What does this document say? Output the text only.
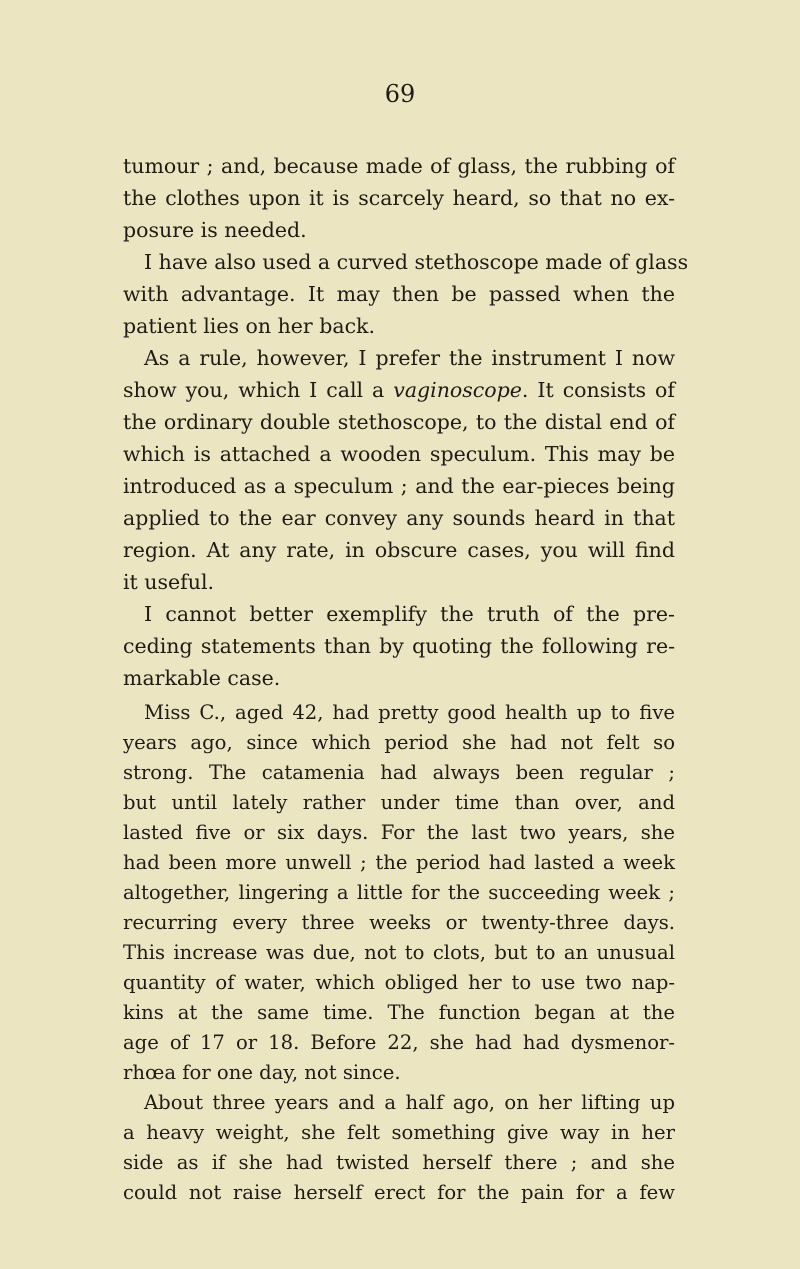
69
tumour ; and, because made of glass, the rubbing of
the clothes upon it is scarcely heard, so that no ex-
posure is needed.
I have also used a curved stethoscope made of glass
with advantage. It may then be passed when the
patient lies on her back.
As a rule, however, I prefer the instrument I now
show you, which I call a vaginoscope. It consists of
the ordinary double stethoscope, to the distal end of
which is attached a wooden speculum. This may be
introduced as a speculum ; and the ear-pieces being
applied to the ear convey any sounds heard in that
region. At any rate, in obscure cases, you will find
it useful.
I cannot better exemplify the truth of the pre-
ceding statements than by quoting the following re-
markable case.
Miss C., aged 42, had pretty good health up to five
years ago, since which period she had not felt so
strong. The catamenia had always been regular ;
but until lately rather under time than over, and
lasted five or six days. For the last two years, she
had been more unwell ; the period had lasted a week
altogether, lingering a little for the succeeding week ;
recurring every three weeks or twenty-three days.
This increase was due, not to clots, but to an unusual
quantity of water, which obliged her to use two nap-
kins at the same time. The function began at the
age of 17 or 18. Before 22, she had had dysmenor-
rhœa for one day, not since.
About three years and a half ago, on her lifting up
a heavy weight, she felt something give way in her
side as if she had twisted herself there ; and she
could not raise herself erect for the pain for a few
